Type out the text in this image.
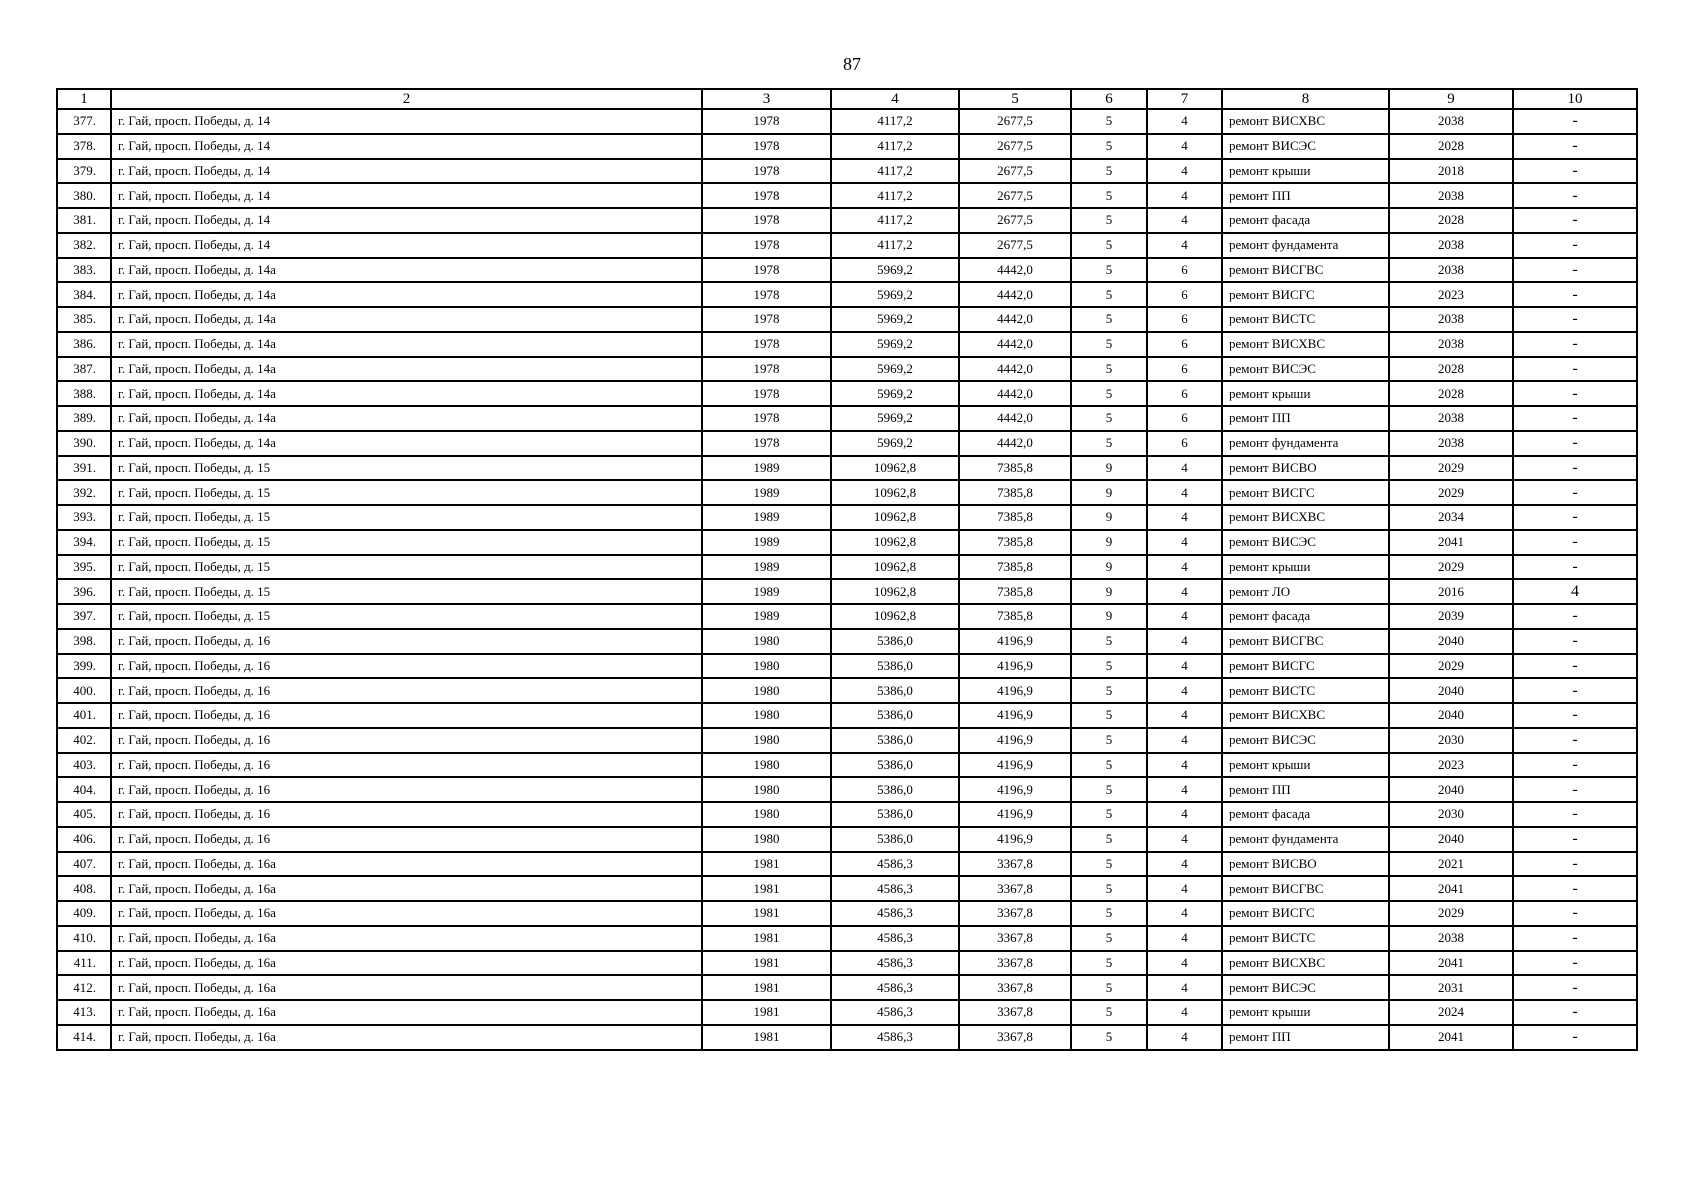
87
1	2	3	4	5	6	7	8	9	10
377.	г. Гай, просп. Победы, д. 14	1978	4117,2	2677,5	5	4	ремонт ВИСХВС	2038	-
378.	г. Гай, просп. Победы, д. 14	1978	4117,2	2677,5	5	4	ремонт ВИСЭС	2028	-
379.	г. Гай, просп. Победы, д. 14	1978	4117,2	2677,5	5	4	ремонт крыши	2018	-
380.	г. Гай, просп. Победы, д. 14	1978	4117,2	2677,5	5	4	ремонт ПП	2038	-
381.	г. Гай, просп. Победы, д. 14	1978	4117,2	2677,5	5	4	ремонт фасада	2028	-
382.	г. Гай, просп. Победы, д. 14	1978	4117,2	2677,5	5	4	ремонт фундамента	2038	-
383.	г. Гай, просп. Победы, д. 14а	1978	5969,2	4442,0	5	6	ремонт ВИСГВС	2038	-
384.	г. Гай, просп. Победы, д. 14а	1978	5969,2	4442,0	5	6	ремонт ВИСГС	2023	-
385.	г. Гай, просп. Победы, д. 14а	1978	5969,2	4442,0	5	6	ремонт ВИСТС	2038	-
386.	г. Гай, просп. Победы, д. 14а	1978	5969,2	4442,0	5	6	ремонт ВИСХВС	2038	-
387.	г. Гай, просп. Победы, д. 14а	1978	5969,2	4442,0	5	6	ремонт ВИСЭС	2028	-
388.	г. Гай, просп. Победы, д. 14а	1978	5969,2	4442,0	5	6	ремонт крыши	2028	-
389.	г. Гай, просп. Победы, д. 14а	1978	5969,2	4442,0	5	6	ремонт ПП	2038	-
390.	г. Гай, просп. Победы, д. 14а	1978	5969,2	4442,0	5	6	ремонт фундамента	2038	-
391.	г. Гай, просп. Победы, д. 15	1989	10962,8	7385,8	9	4	ремонт ВИСВО	2029	-
392.	г. Гай, просп. Победы, д. 15	1989	10962,8	7385,8	9	4	ремонт ВИСГС	2029	-
393.	г. Гай, просп. Победы, д. 15	1989	10962,8	7385,8	9	4	ремонт ВИСХВС	2034	-
394.	г. Гай, просп. Победы, д. 15	1989	10962,8	7385,8	9	4	ремонт ВИСЭС	2041	-
395.	г. Гай, просп. Победы, д. 15	1989	10962,8	7385,8	9	4	ремонт крыши	2029	-
396.	г. Гай, просп. Победы, д. 15	1989	10962,8	7385,8	9	4	ремонт ЛО	2016	4
397.	г. Гай, просп. Победы, д. 15	1989	10962,8	7385,8	9	4	ремонт фасада	2039	-
398.	г. Гай, просп. Победы, д. 16	1980	5386,0	4196,9	5	4	ремонт ВИСГВС	2040	-
399.	г. Гай, просп. Победы, д. 16	1980	5386,0	4196,9	5	4	ремонт ВИСГС	2029	-
400.	г. Гай, просп. Победы, д. 16	1980	5386,0	4196,9	5	4	ремонт ВИСТС	2040	-
401.	г. Гай, просп. Победы, д. 16	1980	5386,0	4196,9	5	4	ремонт ВИСХВС	2040	-
402.	г. Гай, просп. Победы, д. 16	1980	5386,0	4196,9	5	4	ремонт ВИСЭС	2030	-
403.	г. Гай, просп. Победы, д. 16	1980	5386,0	4196,9	5	4	ремонт крыши	2023	-
404.	г. Гай, просп. Победы, д. 16	1980	5386,0	4196,9	5	4	ремонт ПП	2040	-
405.	г. Гай, просп. Победы, д. 16	1980	5386,0	4196,9	5	4	ремонт фасада	2030	-
406.	г. Гай, просп. Победы, д. 16	1980	5386,0	4196,9	5	4	ремонт фундамента	2040	-
407.	г. Гай, просп. Победы, д. 16а	1981	4586,3	3367,8	5	4	ремонт ВИСВО	2021	-
408.	г. Гай, просп. Победы, д. 16а	1981	4586,3	3367,8	5	4	ремонт ВИСГВС	2041	-
409.	г. Гай, просп. Победы, д. 16а	1981	4586,3	3367,8	5	4	ремонт ВИСГС	2029	-
410.	г. Гай, просп. Победы, д. 16а	1981	4586,3	3367,8	5	4	ремонт ВИСТС	2038	-
411.	г. Гай, просп. Победы, д. 16а	1981	4586,3	3367,8	5	4	ремонт ВИСХВС	2041	-
412.	г. Гай, просп. Победы, д. 16а	1981	4586,3	3367,8	5	4	ремонт ВИСЭС	2031	-
413.	г. Гай, просп. Победы, д. 16а	1981	4586,3	3367,8	5	4	ремонт крыши	2024	-
414.	г. Гай, просп. Победы, д. 16а	1981	4586,3	3367,8	5	4	ремонт ПП	2041	-
